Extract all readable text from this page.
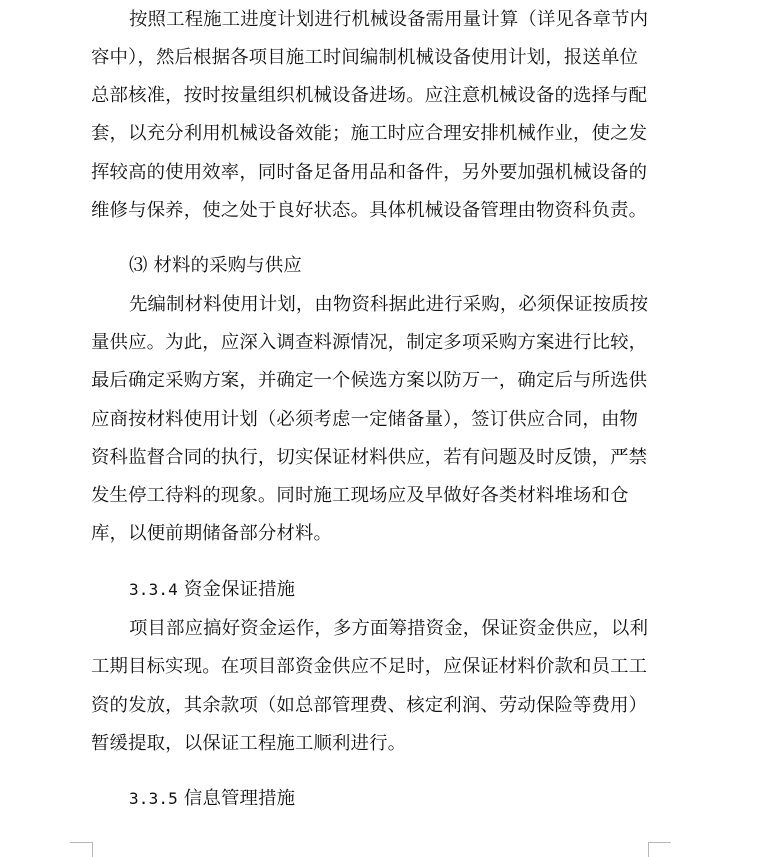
按照工程施工进度计划进行机械设备需用量计算（详见各章节内
容中），然后根据各项目施工时间编制机械设备使用计划，报送单位
总部核准，按时按量组织机械设备进场。应注意机械设备的选择与配
套，以充分利用机械设备效能；施工时应合理安排机械作业，使之发
挥较高的使用效率，同时备足备用品和备件，另外要加强机械设备的
维修与保养，使之处于良好状态。具体机械设备管理由物资科负责。
⑶ 材料的采购与供应
先编制材料使用计划，由物资科据此进行采购，必须保证按质按
量供应。为此，应深入调查料源情况，制定多项采购方案进行比较，
最后确定采购方案，并确定一个候选方案以防万一，确定后与所选供
应商按材料使用计划（必须考虑一定储备量），签订供应合同，由物
资科监督合同的执行，切实保证材料供应，若有问题及时反馈，严禁
发生停工待料的现象。同时施工现场应及早做好各类材料堆场和仓
库，以便前期储备部分材料。
3.3.4 资金保证措施
项目部应搞好资金运作，多方面筹措资金，保证资金供应，以利
工期目标实现。在项目部资金供应不足时，应保证材料价款和员工工
资的发放，其余款项（如总部管理费、核定利润、劳动保险等费用）
暂缓提取，以保证工程施工顺利进行。
3.3.5 信息管理措施
